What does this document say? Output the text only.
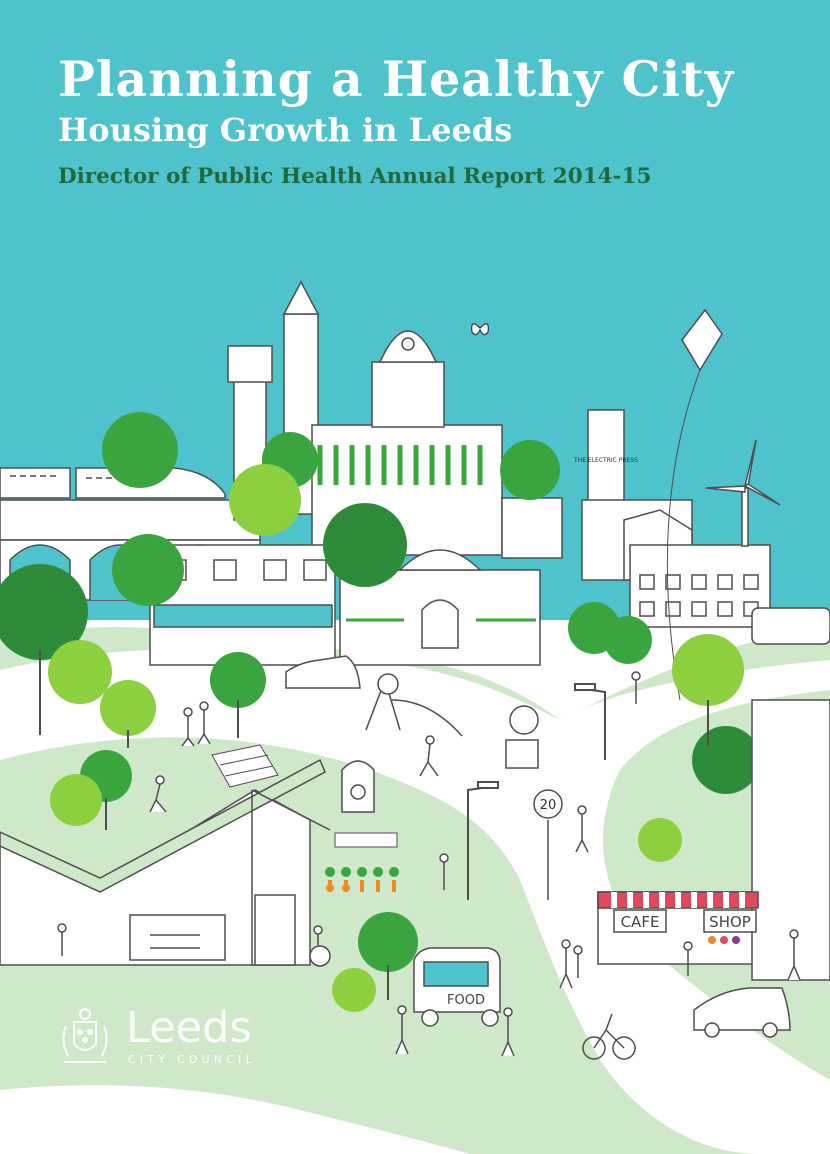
20
CAFE	SHOP
THE ELECTRIC PRESS
FOOD
Planning a Healthy City
Housing Growth in Leeds
Director of Public Health Annual Report 2014-15
Leeds
CITY COUNCIL
